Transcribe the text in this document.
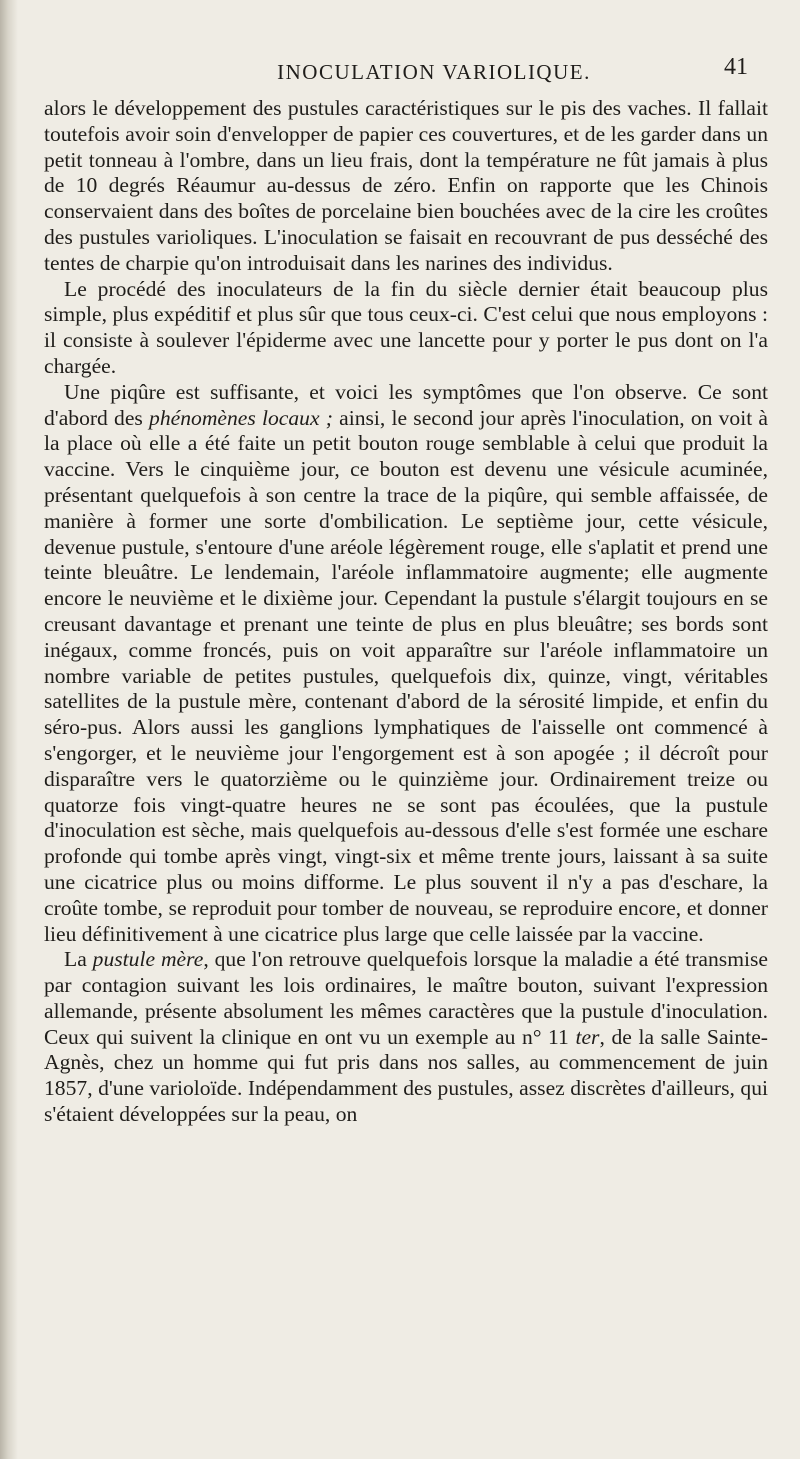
INOCULATION VARIOLIQUE.	41

alors le développement des pustules caractéristiques sur le pis des vaches. Il fallait toutefois avoir soin d'envelopper de papier ces couvertures, et de les garder dans un petit tonneau à l'ombre, dans un lieu frais, dont la température ne fût jamais à plus de 10 degrés Réaumur au-dessus de zéro. Enfin on rapporte que les Chinois conservaient dans des boîtes de porcelaine bien bouchées avec de la cire les croûtes des pustules varioliques. L'inoculation se faisait en recouvrant de pus desséché des tentes de charpie qu'on introduisait dans les narines des individus.

Le procédé des inoculateurs de la fin du siècle dernier était beaucoup plus simple, plus expéditif et plus sûr que tous ceux-ci. C'est celui que nous employons : il consiste à soulever l'épiderme avec une lancette pour y porter le pus dont on l'a chargée.

Une piqûre est suffisante, et voici les symptômes que l'on observe. Ce sont d'abord des phénomènes locaux ; ainsi, le second jour après l'inoculation, on voit à la place où elle a été faite un petit bouton rouge semblable à celui que produit la vaccine. Vers le cinquième jour, ce bouton est devenu une vésicule acuminée, présentant quelquefois à son centre la trace de la piqûre, qui semble affaissée, de manière à former une sorte d'ombilication. Le septième jour, cette vésicule, devenue pustule, s'entoure d'une aréole légèrement rouge, elle s'aplatit et prend une teinte bleuâtre. Le lendemain, l'aréole inflammatoire augmente; elle augmente encore le neuvième et le dixième jour. Cependant la pustule s'élargit toujours en se creusant davantage et prenant une teinte de plus en plus bleuâtre; ses bords sont inégaux, comme froncés, puis on voit apparaître sur l'aréole inflammatoire un nombre variable de petites pustules, quelquefois dix, quinze, vingt, véritables satellites de la pustule mère, contenant d'abord de la sérosité limpide, et enfin du séro-pus. Alors aussi les ganglions lymphatiques de l'aisselle ont commencé à s'engorger, et le neuvième jour l'engorgement est à son apogée ; il décroît pour disparaître vers le quatorzième ou le quinzième jour. Ordinairement treize ou quatorze fois vingt-quatre heures ne se sont pas écoulées, que la pustule d'inoculation est sèche, mais quelquefois au-dessous d'elle s'est formée une eschare profonde qui tombe après vingt, vingt-six et même trente jours, laissant à sa suite une cicatrice plus ou moins difforme. Le plus souvent il n'y a pas d'eschare, la croûte tombe, se reproduit pour tomber de nouveau, se reproduire encore, et donner lieu définitivement à une cicatrice plus large que celle laissée par la vaccine.

La pustule mère, que l'on retrouve quelquefois lorsque la maladie a été transmise par contagion suivant les lois ordinaires, le maître bouton, suivant l'expression allemande, présente absolument les mêmes caractères que la pustule d'inoculation. Ceux qui suivent la clinique en ont vu un exemple au n° 11 ter, de la salle Sainte-Agnès, chez un homme qui fut pris dans nos salles, au commencement de juin 1857, d'une varioloïde. Indépendamment des pustules, assez discrètes d'ailleurs, qui s'étaient développées sur la peau, on
